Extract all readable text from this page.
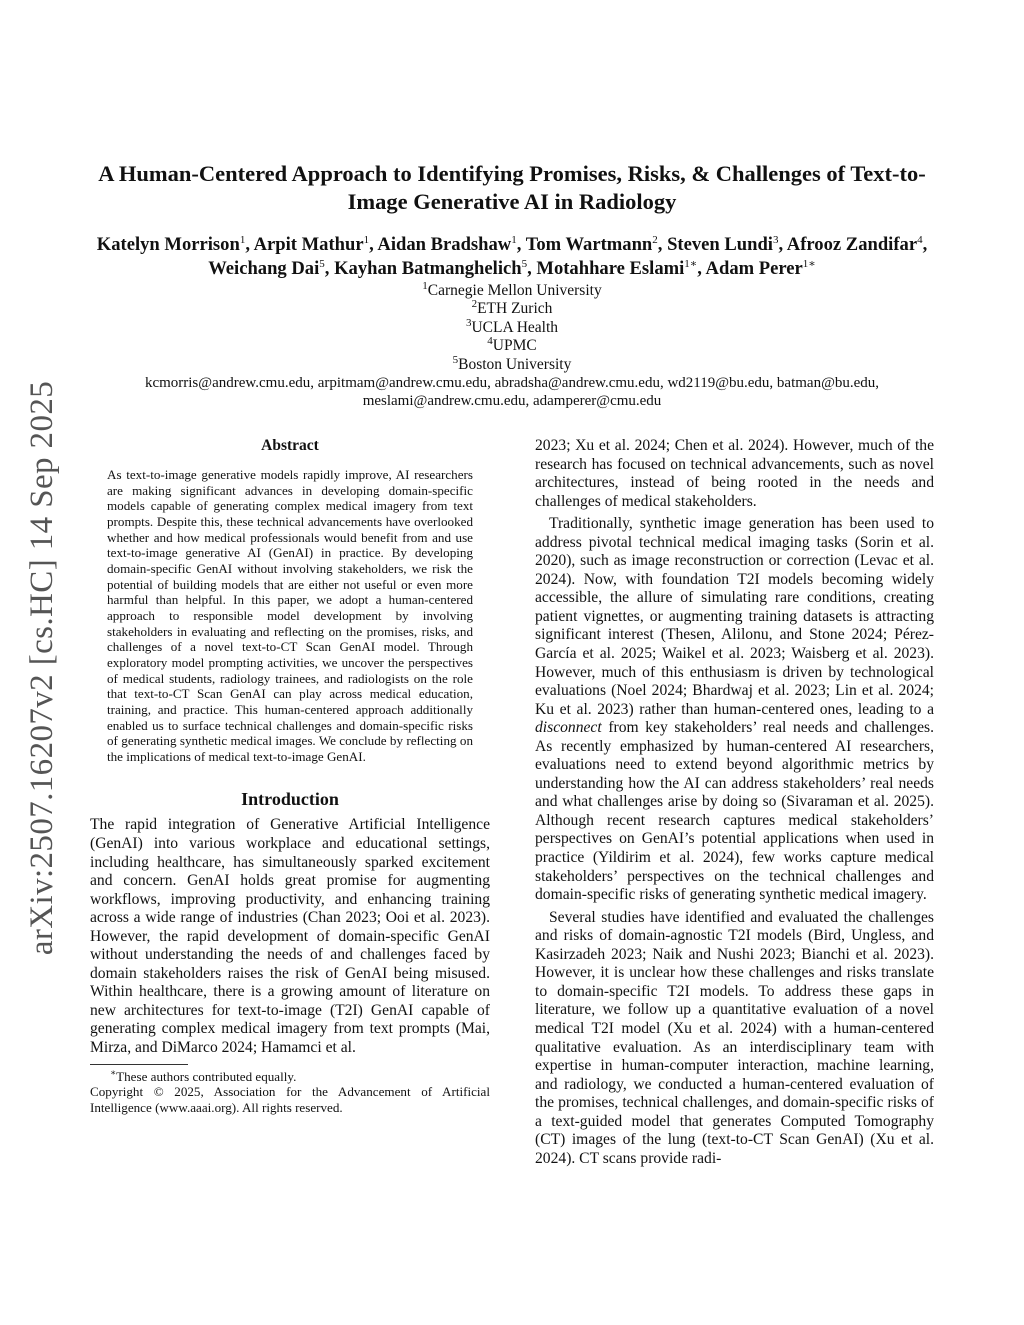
arXiv:2507.16207v2 [cs.HC] 14 Sep 2025
A Human-Centered Approach to Identifying Promises, Risks, & Challenges of Text-to-Image Generative AI in Radiology
Katelyn Morrison$^1$, Arpit Mathur$^1$, Aidan Bradshaw$^1$, Tom Wartmann$^2$, Steven Lundi$^3$, Afrooz Zandifar$^4$, Weichang Dai$^5$, Kayhan Batmanghelich$^5$, Motahhare Eslami$^{1∗}$, Adam Perer$^{1∗}$
$^1$Carnegie Mellon University
$^2$ETH Zurich
$^3$UCLA Health
$^4$UPMC
$^5$Boston University
kcmorris@andrew.cmu.edu, arpitmam@andrew.cmu.edu, abradsha@andrew.cmu.edu, wd2119@bu.edu, batman@bu.edu, meslami@andrew.cmu.edu, adamperer@cmu.edu
Abstract

As text-to-image generative models rapidly improve, AI researchers are making significant advances in developing domain-specific models capable of generating complex medical imagery from text prompts. Despite this, these technical advancements have overlooked whether and how medical professionals would benefit from and use text-to-image generative AI (GenAI) in practice. By developing domain-specific GenAI without involving stakeholders, we risk the potential of building models that are either not useful or even more harmful than helpful. In this paper, we adopt a human-centered approach to responsible model development by involving stakeholders in evaluating and reflecting on the promises, risks, and challenges of a novel text-to-CT Scan GenAI model. Through exploratory model prompting activities, we uncover the perspectives of medical students, radiology trainees, and radiologists on the role that text-to-CT Scan GenAI can play across medical education, training, and practice. This human-centered approach additionally enabled us to surface technical challenges and domain-specific risks of generating synthetic medical images. We conclude by reflecting on the implications of medical text-to-image GenAI.

Introduction

The rapid integration of Generative Artificial Intelligence (GenAI) into various workplace and educational settings, including healthcare, has simultaneously sparked excitement and concern. GenAI holds great promise for augmenting workflows, improving productivity, and enhancing training across a wide range of industries (Chan 2023; Ooi et al. 2023). However, the rapid development of domain-specific GenAI without understanding the needs of and challenges faced by domain stakeholders raises the risk of GenAI being misused. Within healthcare, there is a growing amount of literature on new architectures for text-to-image (T2I) GenAI capable of generating complex medical imagery from text prompts (Mai, Mirza, and DiMarco 2024; Hamamci et al.

∗These authors contributed equally.

Copyright © 2025, Association for the Advancement of Artificial Intelligence (www.aaai.org). All rights reserved.

2023; Xu et al. 2024; Chen et al. 2024). However, much of the research has focused on technical advancements, such as novel architectures, instead of being rooted in the needs and challenges of medical stakeholders.

Traditionally, synthetic image generation has been used to address pivotal technical medical imaging tasks (Sorin et al. 2020), such as image reconstruction or correction (Levac et al. 2024). Now, with foundation T2I models becoming widely accessible, the allure of simulating rare conditions, creating patient vignettes, or augmenting training datasets is attracting significant interest (Thesen, Alilonu, and Stone 2024; Pérez-García et al. 2025; Waikel et al. 2023; Waisberg et al. 2023). However, much of this enthusiasm is driven by technological evaluations (Noel 2024; Bhardwaj et al. 2023; Lin et al. 2024; Ku et al. 2023) rather than human-centered ones, leading to a disconnect from key stakeholders’ real needs and challenges. As recently emphasized by human-centered AI researchers, evaluations need to extend beyond algorithmic metrics by understanding how the AI can address stakeholders’ real needs and what challenges arise by doing so (Sivaraman et al. 2025). Although recent research captures medical stakeholders’ perspectives on GenAI’s potential applications when used in practice (Yildirim et al. 2024), few works capture medical stakeholders’ perspectives on the technical challenges and domain-specific risks of generating synthetic medical imagery.

Several studies have identified and evaluated the challenges and risks of domain-agnostic T2I models (Bird, Ungless, and Kasirzadeh 2023; Naik and Nushi 2023; Bianchi et al. 2023). However, it is unclear how these challenges and risks translate to domain-specific T2I models. To address these gaps in literature, we follow up a quantitative evaluation of a novel medical T2I model (Xu et al. 2024) with a human-centered qualitative evaluation. As an interdisciplinary team with expertise in human-computer interaction, machine learning, and radiology, we conducted a human-centered evaluation of the promises, technical challenges, and domain-specific risks of a text-guided model that generates Computed Tomography (CT) images of the lung (text-to-CT Scan GenAI) (Xu et al. 2024). CT scans provide radi-
